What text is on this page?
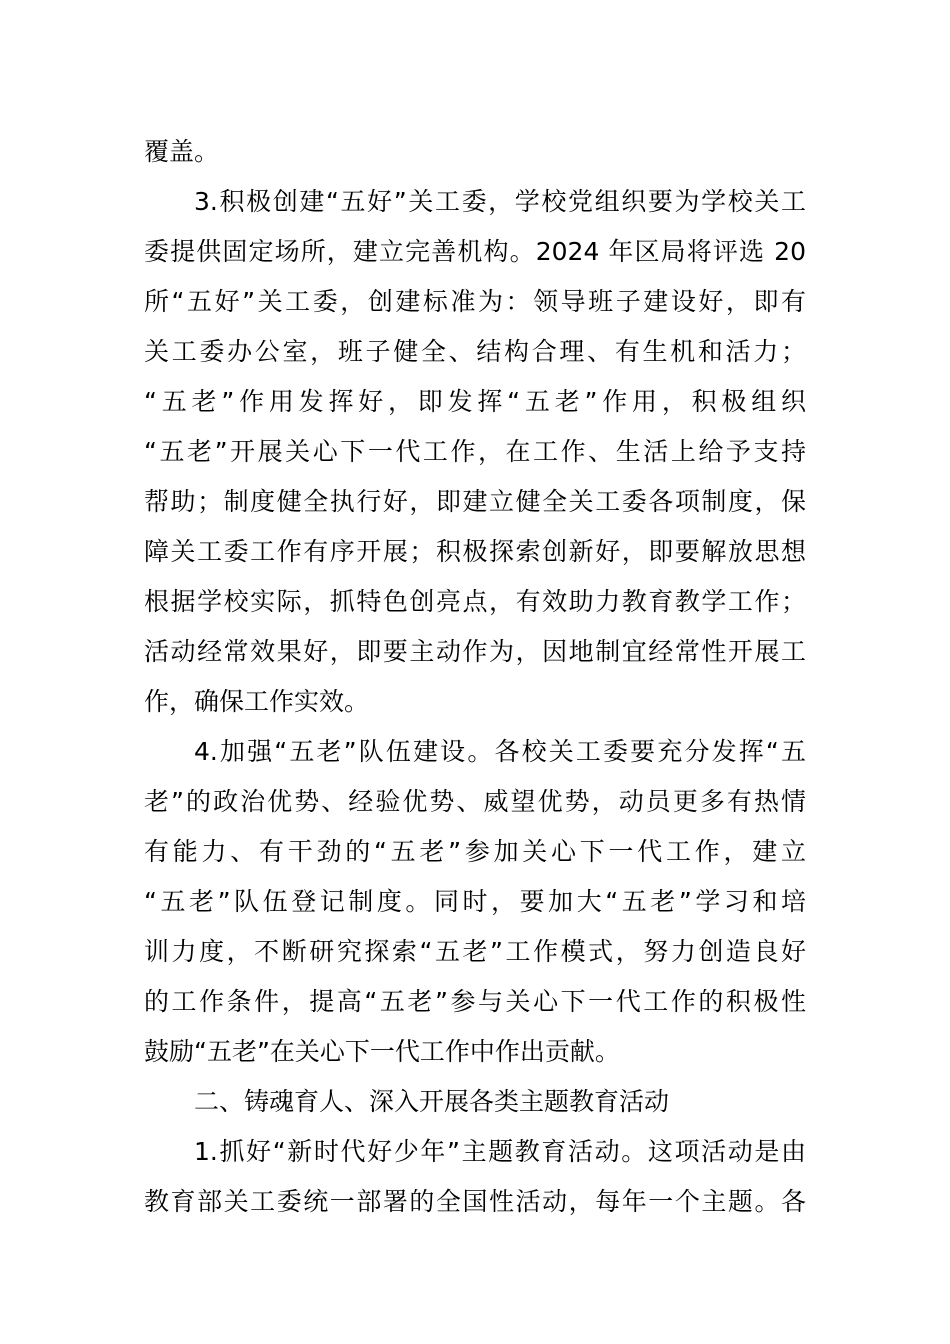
覆盖。
3.积极创建“五好”关工委，学校党组织要为学校关工
委提供固定场所，建立完善机构。2024 年区局将评选 20
所“五好”关工委，创建标准为：领导班子建设好，即有
关工委办公室，班子健全、结构合理、有生机和活力；
“五老”作用发挥好，即发挥“五老”作用，积极组织
“五老”开展关心下一代工作，在工作、生活上给予支持
帮助；制度健全执行好，即建立健全关工委各项制度，保
障关工委工作有序开展；积极探索创新好，即要解放思想
根据学校实际，抓特色创亮点，有效助力教育教学工作；
活动经常效果好，即要主动作为，因地制宜经常性开展工
作，确保工作实效。
4.加强“五老”队伍建设。各校关工委要充分发挥“五
老”的政治优势、经验优势、威望优势，动员更多有热情
有能力、有干劲的“五老”参加关心下一代工作，建立
“五老”队伍登记制度。同时，要加大“五老”学习和培
训力度，不断研究探索“五老”工作模式，努力创造良好
的工作条件，提高“五老”参与关心下一代工作的积极性
鼓励“五老”在关心下一代工作中作出贡献。
二、铸魂育人、深入开展各类主题教育活动
1.抓好“新时代好少年”主题教育活动。这项活动是由
教育部关工委统一部署的全国性活动，每年一个主题。各
